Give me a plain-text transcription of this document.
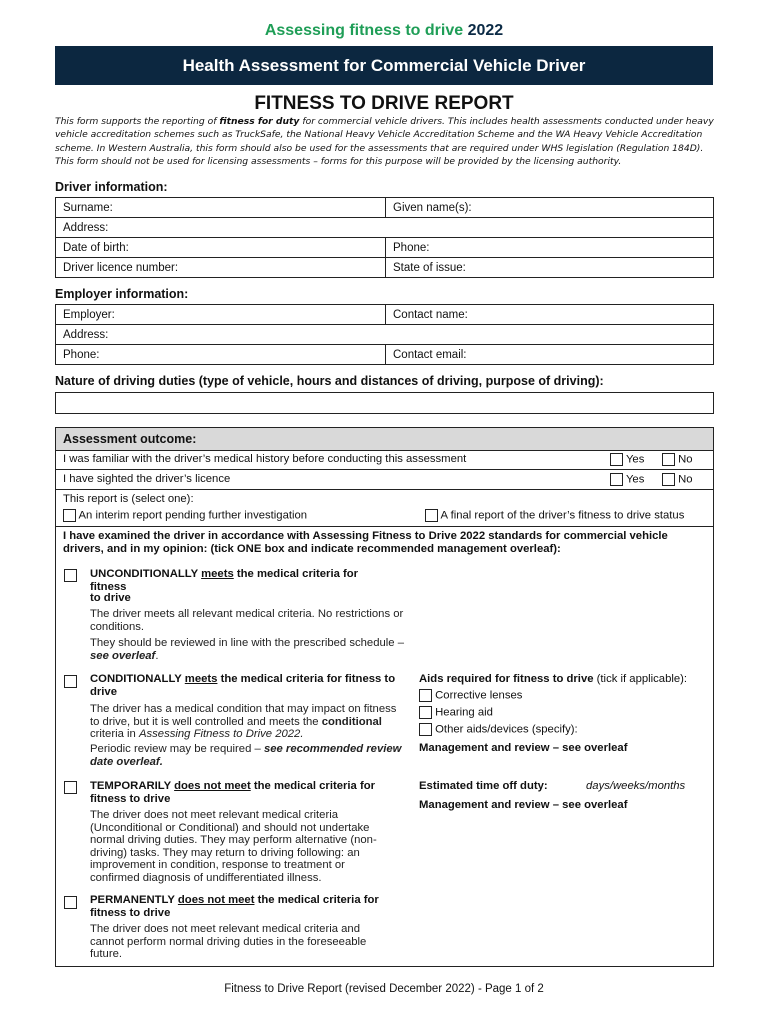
Assessing fitness to drive 2022
Health Assessment for Commercial Vehicle Driver
FITNESS TO DRIVE REPORT
This form supports the reporting of fitness for duty for commercial vehicle drivers. This includes health assessments conducted under heavy vehicle accreditation schemes such as TruckSafe, the National Heavy Vehicle Accreditation Scheme and the WA Heavy Vehicle Accreditation scheme. In Western Australia, this form should also be used for the assessments that are required under WHS legislation (Regulation 184D). This form should not be used for licensing assessments – forms for this purpose will be provided by the licensing authority.
Driver information:
Surname:	Given name(s):
Address:	
Date of birth:	Phone:
Driver licence number:	State of issue:
Employer information:
Employer:	Contact name:
Address:	
Phone:	Contact email:
Nature of driving duties (type of vehicle, hours and distances of driving, purpose of driving):
Assessment outcome:
I was familiar with the driver’s medical history before conducting this assessment	Yes	No
I have sighted the driver’s licence	Yes	No
This report is (select one):
An interim report pending further investigation	A final report of the driver’s fitness to drive status
I have examined the driver in accordance with Assessing Fitness to Drive 2022 standards for commercial vehicle drivers, and in my opinion: (tick ONE box and indicate recommended management overleaf):
UNCONDITIONALLY meets the medical criteria for fitness
to drive
The driver meets all relevant medical criteria. No restrictions or conditions.
They should be reviewed in line with the prescribed schedule – see overleaf.
CONDITIONALLY meets the medical criteria for fitness to drive
The driver has a medical condition that may impact on fitness to drive, but it is well controlled and meets the conditional criteria in Assessing Fitness to Drive 2022.
Periodic review may be required – see recommended review date overleaf.
Aids required for fitness to drive (tick if applicable):
Corrective lenses
Hearing aid
Other aids/devices (specify):
Management and review – see overleaf
TEMPORARILY does not meet the medical criteria for fitness to drive
The driver does not meet relevant medical criteria (Unconditional or Conditional) and should not undertake normal driving duties. They may perform alternative (non-driving) tasks. They may return to driving following: an improvement in condition, response to treatment or confirmed diagnosis of undifferentiated illness.
Estimated time off duty:	days/weeks/months
Management and review – see overleaf
PERMANENTLY does not meet the medical criteria for fitness to drive
The driver does not meet relevant medical criteria and cannot perform normal driving duties in the foreseeable future.
Fitness to Drive Report (revised December 2022) - Page 1 of 2
